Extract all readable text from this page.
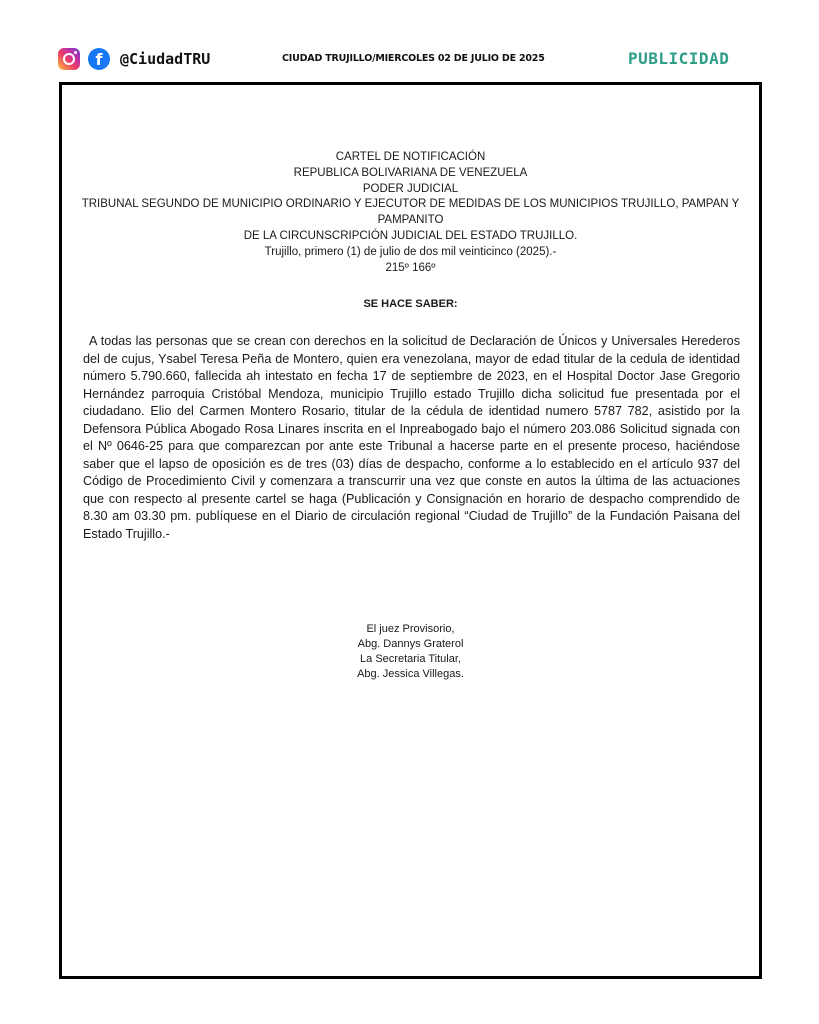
f	@CiudadTRU	CIUDAD TRUJILLO/MIERCOLES 02 DE JULIO DE 2025	PUBLICIDAD
CARTEL DE NOTIFICACIÓN
REPUBLICA BOLIVARIANA DE VENEZUELA
PODER JUDICIAL
TRIBUNAL SEGUNDO DE MUNICIPIO ORDINARIO Y EJECUTOR DE MEDIDAS DE LOS MUNICIPIOS TRUJILLO, PAMPAN Y
PAMPANITO
DE LA CIRCUNSCRIPCIÓN JUDICIAL DEL ESTADO TRUJILLO.
Trujillo, primero (1) de julio de dos mil veinticinco (2025).-
215º 166º
SE HACE SABER:
A todas las personas que se crean con derechos en la solicitud de Declaración de Únicos y Universales Herederos del de cujus, Ysabel Teresa Peña de Montero, quien era venezolana, mayor de edad titular de la cedula de identidad número 5.790.660, fallecida ah intestato en fecha 17 de septiembre de 2023, en el Hospital Doctor Jase Gregorio Hernández parroquia Cristóbal Mendoza, municipio Trujillo estado Trujillo dicha solicitud fue presentada por el ciudadano. Elio del Carmen Montero Rosario, titular de la cédula de identidad numero 5787 782, asistido por la Defensora Pública Abogado Rosa Linares inscrita en el Inpreabogado bajo el número 203.086 Solicitud signada con el Nº 0646-25 para que comparezcan por ante este Tribunal a hacerse parte en el presente proceso, haciéndose saber que el lapso de oposición es de tres (03) días de despacho, conforme a lo establecido en el artículo 937 del Código de Procedimiento Civil y comenzara a transcurrir una vez que conste en autos la última de las actuaciones que con respecto al presente cartel se haga (Publicación y Consignación en horario de despacho comprendido de 8.30 am 03.30 pm. publíquese en el Diario de circulación regional “Ciudad de Trujillo” de la Fundación Paisana del Estado Trujillo.-
El juez Provisorio,
Abg. Dannys Graterol
La Secretaria Titular,
Abg. Jessica Villegas.
